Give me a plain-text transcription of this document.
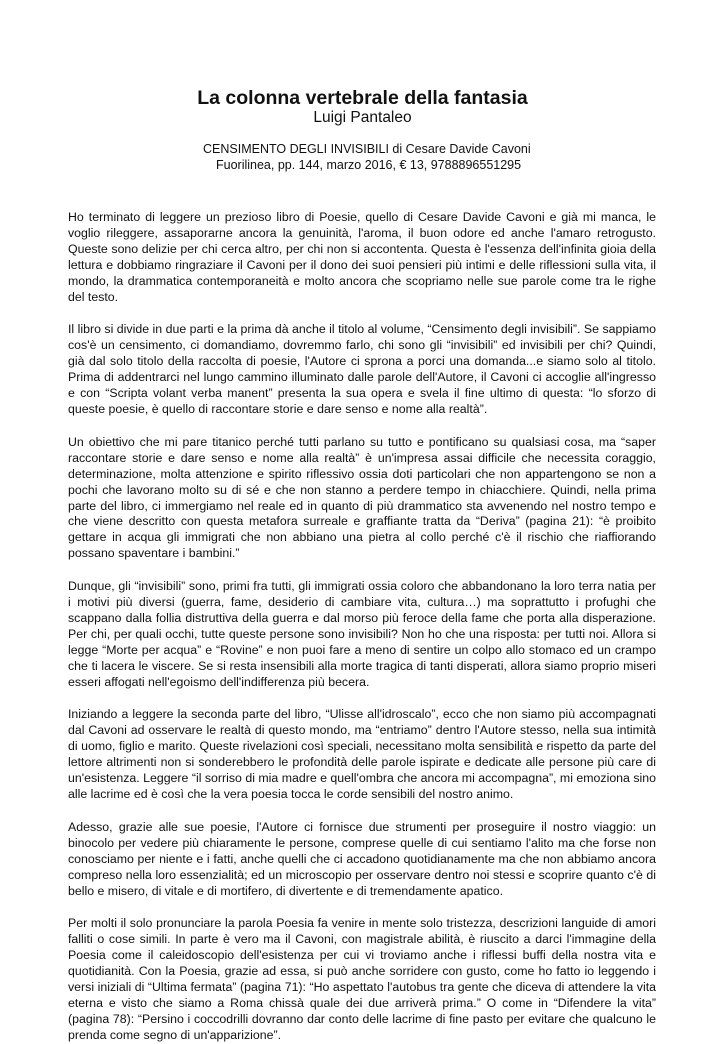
La colonna vertebrale della fantasia
Luigi Pantaleo
CENSIMENTO DEGLI INVISIBILI di Cesare Davide Cavoni
Fuorilinea, pp. 144, marzo 2016, € 13, 9788896551295

Ho terminato di leggere un prezioso libro di Poesie, quello di Cesare Davide Cavoni e già mi manca, le voglio rileggere, assaporarne ancora la genuinità, l'aroma, il buon odore ed anche l'amaro retrogusto. Queste sono delizie per chi cerca altro, per chi non si accontenta. Questa è l'essenza dell'infinita gioia della lettura e dobbiamo ringraziare il Cavoni per il dono dei suoi pensieri più intimi e delle riflessioni sulla vita, il mondo, la drammatica contemporaneità e molto ancora che scopriamo nelle sue parole come tra le righe del testo.

Il libro si divide in due parti e la prima dà anche il titolo al volume, “Censimento degli invisibili”. Se sappiamo cos'è un censimento, ci domandiamo, dovremmo farlo, chi sono gli “invisibili” ed invisibili per chi? Quindi, già dal solo titolo della raccolta di poesie, l'Autore ci sprona a porci una domanda...e siamo solo al titolo. Prima di addentrarci nel lungo cammino illuminato dalle parole dell'Autore, il Cavoni ci accoglie all'ingresso e con “Scripta volant verba manent” presenta la sua opera e svela il fine ultimo di questa: “lo sforzo di queste poesie, è quello di raccontare storie e dare senso e nome alla realtà”.

Un obiettivo che mi pare titanico perché tutti parlano su tutto e pontificano su qualsiasi cosa, ma “saper raccontare storie e dare senso e nome alla realtà” è un'impresa assai difficile che necessita coraggio, determinazione, molta attenzione e spirito riflessivo ossia doti particolari che non appartengono se non a pochi che lavorano molto su di sé e che non stanno a perdere tempo in chiacchiere. Quindi, nella prima parte del libro, ci immergiamo nel reale ed in quanto di più drammatico sta avvenendo nel nostro tempo e che viene descritto con questa metafora surreale e graffiante tratta da “Deriva” (pagina 21): “è proibito gettare in acqua gli immigrati che non abbiano una pietra al collo perché c'è il rischio che riaffiorando possano spaventare i bambini.”

Dunque, gli “invisibili” sono, primi fra tutti, gli immigrati ossia coloro che abbandonano la loro terra natia per i motivi più diversi (guerra, fame, desiderio di cambiare vita, cultura…) ma soprattutto i profughi che scappano dalla follia distruttiva della guerra e dal morso più feroce della fame che porta alla disperazione. Per chi, per quali occhi, tutte queste persone sono invisibili? Non ho che una risposta: per tutti noi. Allora si legge “Morte per acqua” e “Rovine” e non puoi fare a meno di sentire un colpo allo stomaco ed un crampo che ti lacera le viscere. Se si resta insensibili alla morte tragica di tanti disperati, allora siamo proprio miseri esseri affogati nell'egoismo dell'indifferenza più becera.

Iniziando a leggere la seconda parte del libro, “Ulisse all'idroscalo”, ecco che non siamo più accompagnati dal Cavoni ad osservare le realtà di questo mondo, ma “entriamo” dentro l'Autore stesso, nella sua intimità di uomo, figlio e marito. Queste rivelazioni così speciali, necessitano molta sensibilità e rispetto da parte del lettore altrimenti non si sonderebbero le profondità delle parole ispirate e dedicate alle persone più care di un'esistenza. Leggere “il sorriso di mia madre e quell'ombra che ancora mi accompagna”, mi emoziona sino alle lacrime ed è così che la vera poesia tocca le corde sensibili del nostro animo.

Adesso, grazie alle sue poesie, l'Autore ci fornisce due strumenti per proseguire il nostro viaggio: un binocolo per vedere più chiaramente le persone, comprese quelle di cui sentiamo l'alito ma che forse non conosciamo per niente e i fatti, anche quelli che ci accadono quotidianamente ma che non abbiamo ancora compreso nella loro essenzialità; ed un microscopio per osservare dentro noi stessi e scoprire quanto c'è di bello e misero, di vitale e di mortifero, di divertente e di tremendamente apatico.

Per molti il solo pronunciare la parola Poesia fa venire in mente solo tristezza, descrizioni languide di amori falliti o cose simili. In parte è vero ma il Cavoni, con magistrale abilità, è riuscito a darci l'immagine della Poesia come il caleidoscopio dell'esistenza per cui vi troviamo anche i riflessi buffi della nostra vita e quotidianità. Con la Poesia, grazie ad essa, si può anche sorridere con gusto, come ho fatto io leggendo i versi iniziali di “Ultima fermata” (pagina 71): “Ho aspettato l'autobus tra gente che diceva di attendere la vita eterna e visto che siamo a Roma chissà quale dei due arriverà prima.” O come in “Difendere la vita” (pagina 78): “Persino i coccodrilli dovranno dar conto delle lacrime di fine pasto per evitare che qualcuno le prenda come segno di un'apparizione”.
